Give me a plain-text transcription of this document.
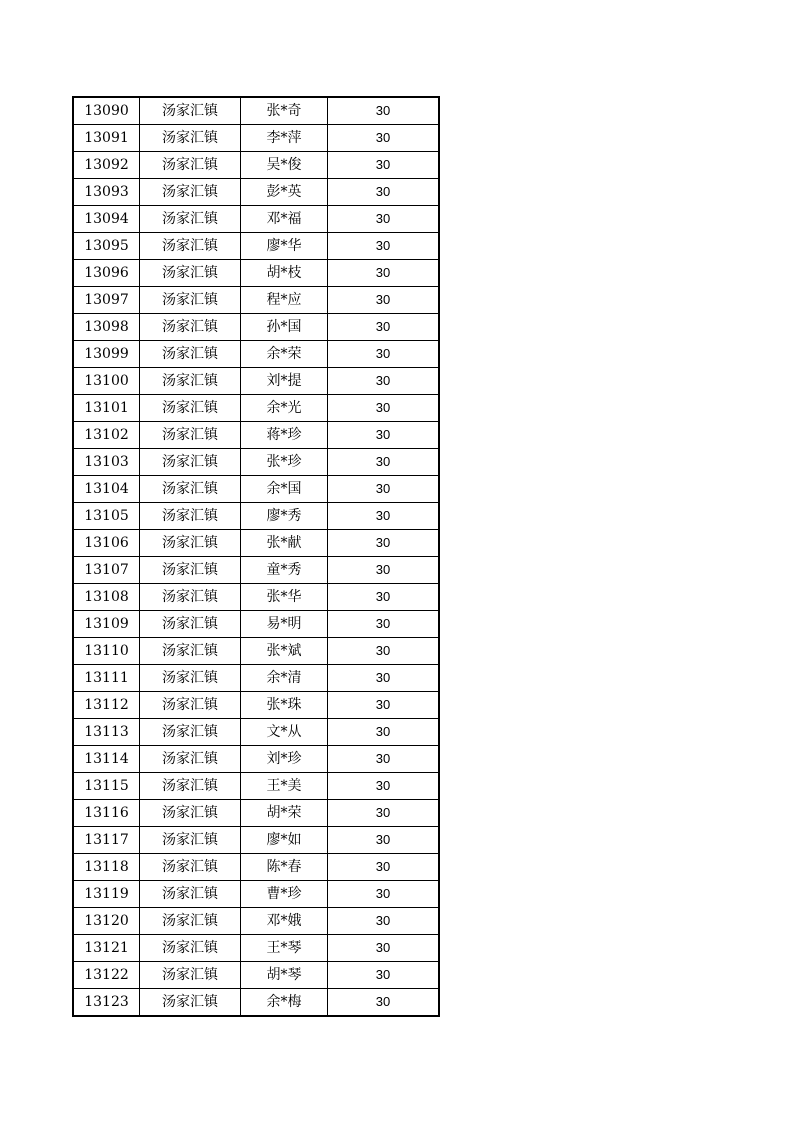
13090	汤家汇镇	张*奇	30
13091	汤家汇镇	李*萍	30
13092	汤家汇镇	吴*俊	30
13093	汤家汇镇	彭*英	30
13094	汤家汇镇	邓*福	30
13095	汤家汇镇	廖*华	30
13096	汤家汇镇	胡*枝	30
13097	汤家汇镇	程*应	30
13098	汤家汇镇	孙*国	30
13099	汤家汇镇	余*荣	30
13100	汤家汇镇	刘*提	30
13101	汤家汇镇	余*光	30
13102	汤家汇镇	蒋*珍	30
13103	汤家汇镇	张*珍	30
13104	汤家汇镇	余*国	30
13105	汤家汇镇	廖*秀	30
13106	汤家汇镇	张*献	30
13107	汤家汇镇	童*秀	30
13108	汤家汇镇	张*华	30
13109	汤家汇镇	易*明	30
13110	汤家汇镇	张*斌	30
13111	汤家汇镇	余*清	30
13112	汤家汇镇	张*珠	30
13113	汤家汇镇	文*从	30
13114	汤家汇镇	刘*珍	30
13115	汤家汇镇	王*美	30
13116	汤家汇镇	胡*荣	30
13117	汤家汇镇	廖*如	30
13118	汤家汇镇	陈*春	30
13119	汤家汇镇	曹*珍	30
13120	汤家汇镇	邓*娥	30
13121	汤家汇镇	王*琴	30
13122	汤家汇镇	胡*琴	30
13123	汤家汇镇	余*梅	30
